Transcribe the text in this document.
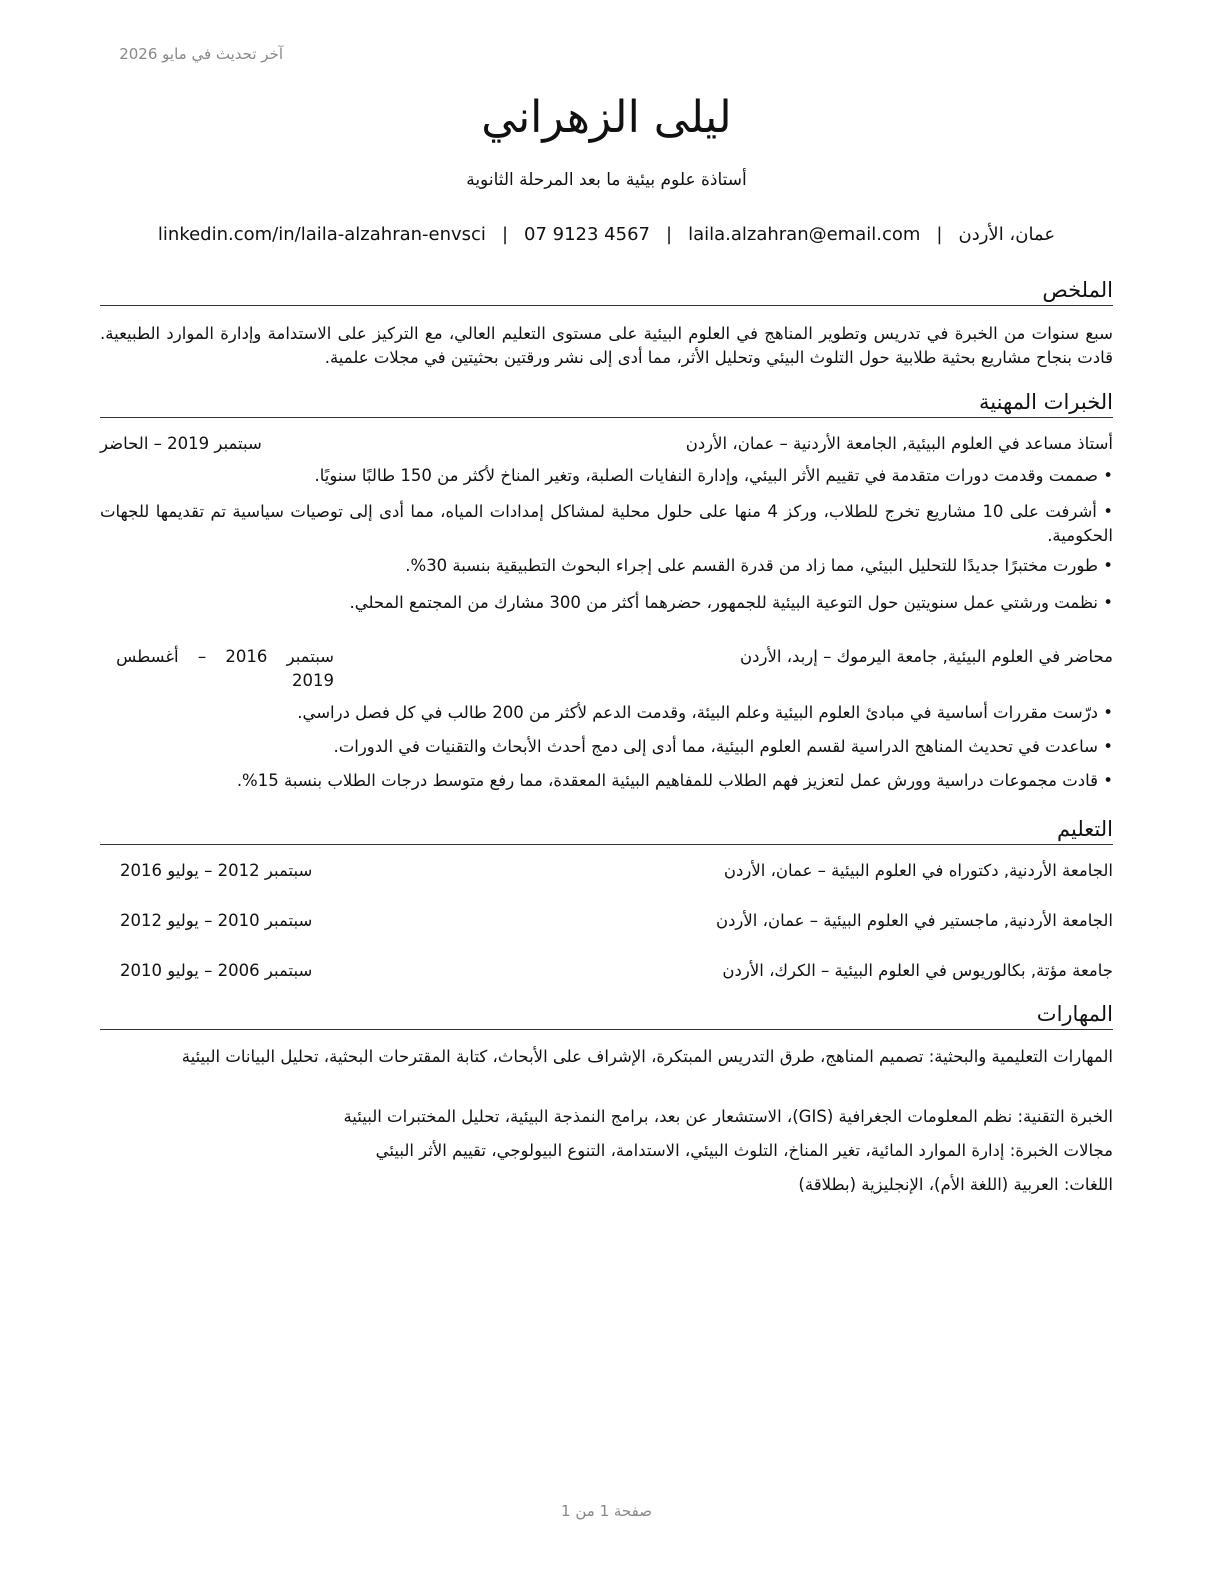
آخر تحديث في مايو 2026
ليلى الزهراني
أستاذة علوم بيئية ما بعد المرحلة الثانوية
عمان، الأردن|laila.alzahran@email.com|07 9123 4567|linkedin.com/in/laila-alzahran-envsci
الملخص
سبع سنوات من الخبرة في تدريس وتطوير المناهج في العلوم البيئية على مستوى التعليم العالي، مع التركيز على الاستدامة وإدارة الموارد الطبيعية. قادت بنجاح مشاريع بحثية طلابية حول التلوث البيئي وتحليل الأثر، مما أدى إلى نشر ورقتين بحثيتين في مجلات علمية.
الخبرات المهنية
أستاذ مساعد في العلوم البيئية, الجامعة الأردنية – عمان، الأردن
سبتمبر 2019 – الحاضر
• صممت وقدمت دورات متقدمة في تقييم الأثر البيئي، وإدارة النفايات الصلبة، وتغير المناخ لأكثر من 150 طالبًا سنويًا.
• أشرفت على 10 مشاريع تخرج للطلاب، وركز 4 منها على حلول محلية لمشاكل إمدادات المياه، مما أدى إلى توصيات سياسية تم تقديمها للجهات الحكومية.
• طورت مختبرًا جديدًا للتحليل البيئي، مما زاد من قدرة القسم على إجراء البحوث التطبيقية بنسبة 30%.
• نظمت ورشتي عمل سنويتين حول التوعية البيئية للجمهور، حضرهما أكثر من 300 مشارك من المجتمع المحلي.
محاضر في العلوم البيئية, جامعة اليرموك – إربد، الأردن
سبتمبر 2016 – أغسطس 2019
• درّست مقررات أساسية في مبادئ العلوم البيئية وعلم البيئة، وقدمت الدعم لأكثر من 200 طالب في كل فصل دراسي.
• ساعدت في تحديث المناهج الدراسية لقسم العلوم البيئية، مما أدى إلى دمج أحدث الأبحاث والتقنيات في الدورات.
• قادت مجموعات دراسية وورش عمل لتعزيز فهم الطلاب للمفاهيم البيئية المعقدة، مما رفع متوسط درجات الطلاب بنسبة 15%.
التعليم
الجامعة الأردنية, دكتوراه في العلوم البيئية – عمان، الأردن
سبتمبر 2012 – يوليو 2016
الجامعة الأردنية, ماجستير في العلوم البيئية – عمان، الأردن
سبتمبر 2010 – يوليو 2012
جامعة مؤتة, بكالوريوس في العلوم البيئية – الكرك، الأردن
سبتمبر 2006 – يوليو 2010
المهارات
المهارات التعليمية والبحثية: تصميم المناهج، طرق التدريس المبتكرة، الإشراف على الأبحاث، كتابة المقترحات البحثية، تحليل البيانات البيئية
الخبرة التقنية: نظم المعلومات الجغرافية (GIS)، الاستشعار عن بعد، برامج النمذجة البيئية، تحليل المختبرات البيئية
مجالات الخبرة: إدارة الموارد المائية، تغير المناخ، التلوث البيئي، الاستدامة، التنوع البيولوجي، تقييم الأثر البيئي
اللغات: العربية (اللغة الأم)، الإنجليزية (بطلاقة)
صفحة 1 من 1
